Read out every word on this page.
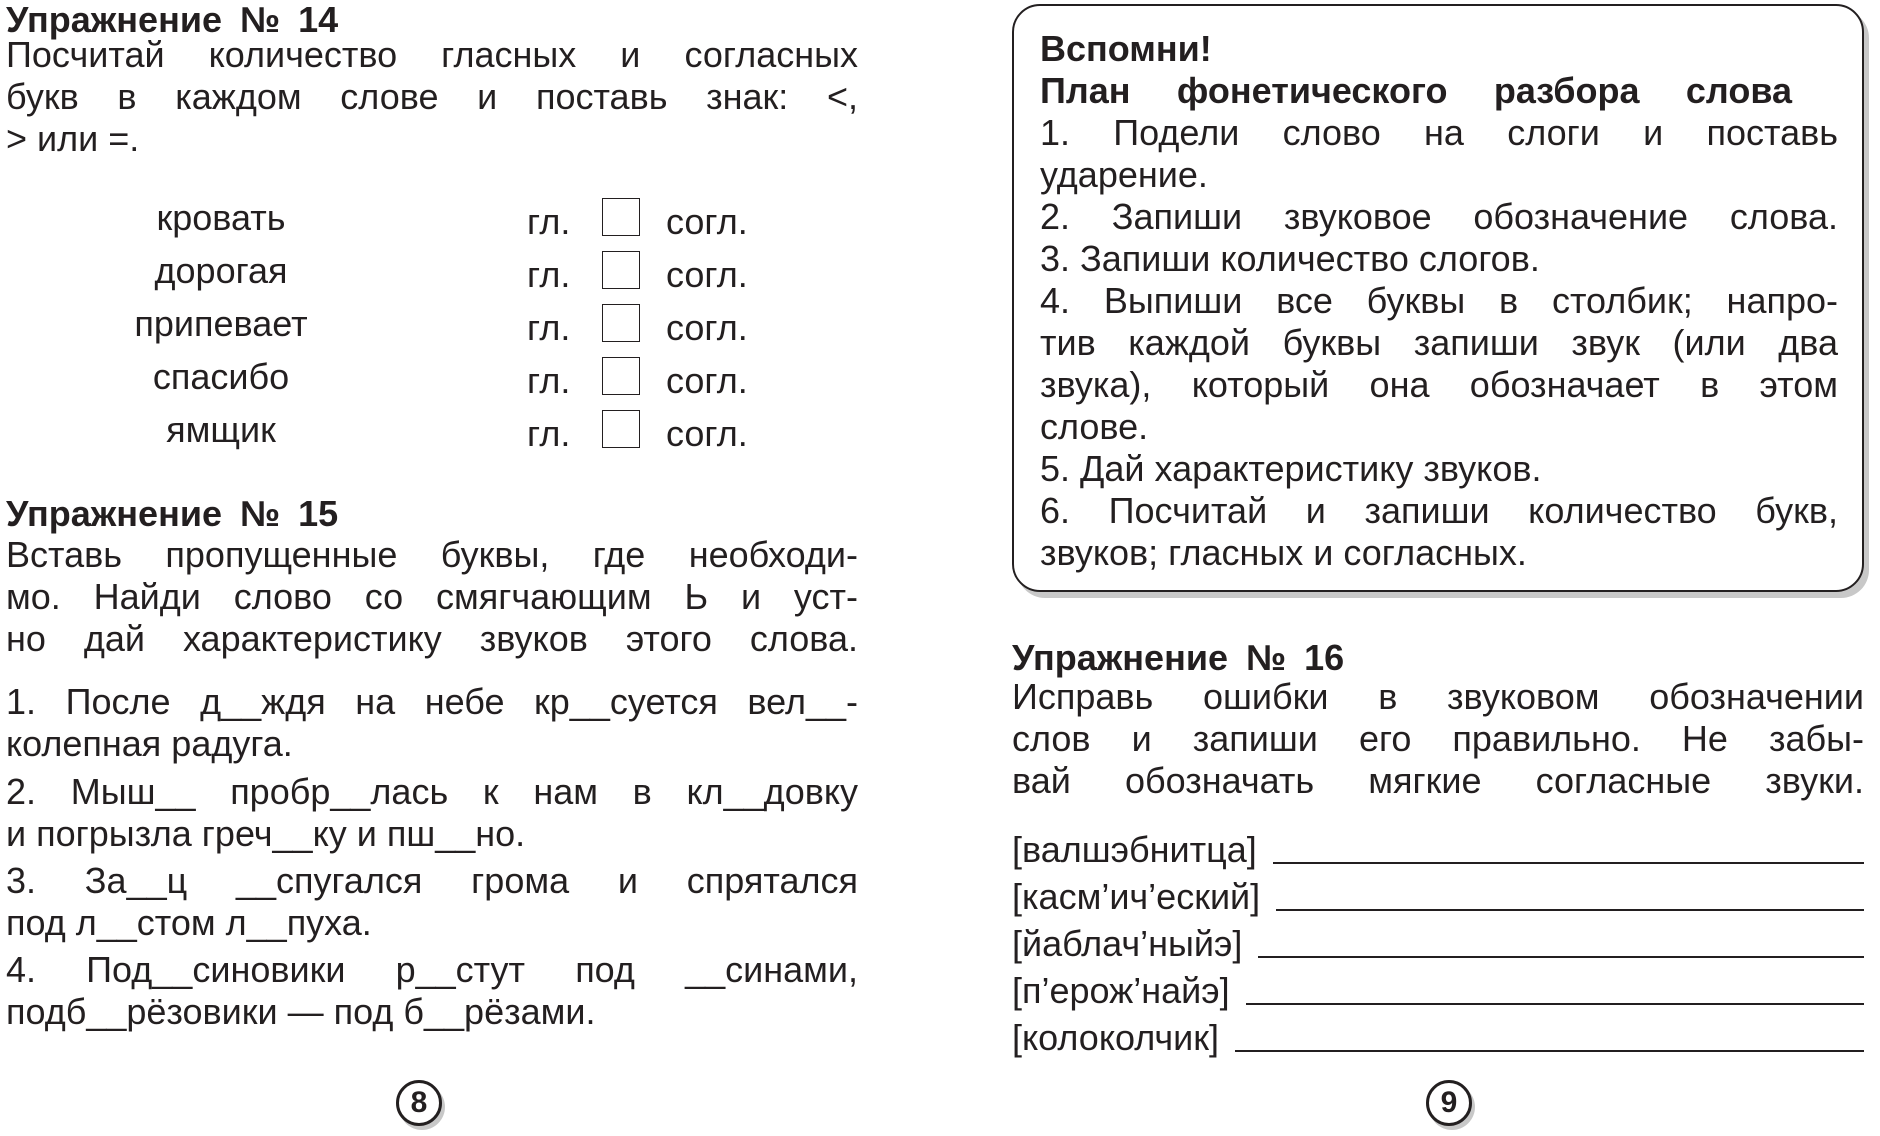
Упражнение № 14
Посчитай количество гласных и согласных
букв в каждом слове и поставь знак: <,
> или =.
кровать	гл.	согл.
дорогая	гл.	согл.
припевает	гл.	согл.
спасибо	гл.	согл.
ямщик	гл.	согл.
Упражнение № 15
Вставь пропущенные буквы, где необходи-
мо. Найди слово со смягчающим Ь и уст-
но дай характеристику звуков этого слова.
1. После д__ждя на небе кр__суется вел__-
колепная радуга.
2. Мыш__ пробр__лась к нам в кл__довку
и погрызла греч__ку и пш__но.
3. За__ц __спугался грома и спрятался
под л__стом л__пуха.
4. Под__синовики р__стут под __синами,
подб__рёзовики — под б__рёзами.
8
Вспомни!
План фонетического разбора слова
1. Подели слово на слоги и поставь
ударение.
2. Запиши звуковое обозначение слова.
3. Запиши количество слогов.
4. Выпиши все буквы в столбик; напро-
тив каждой буквы запиши звук (или два
звука), который она обозначает в этом
слове.
5. Дай характеристику звуков.
6. Посчитай и запиши количество букв,
звуков; гласных и согласных.
Упражнение № 16
Исправь ошибки в звуковом обозначении
слов и запиши его правильно. Не забы-
вай обозначать мягкие согласные звуки.
[валшэбнитца]
[касм’ич’еский]
[йаблач’ныйэ]
[п’ерож’найэ]
[колоколчик]
9
